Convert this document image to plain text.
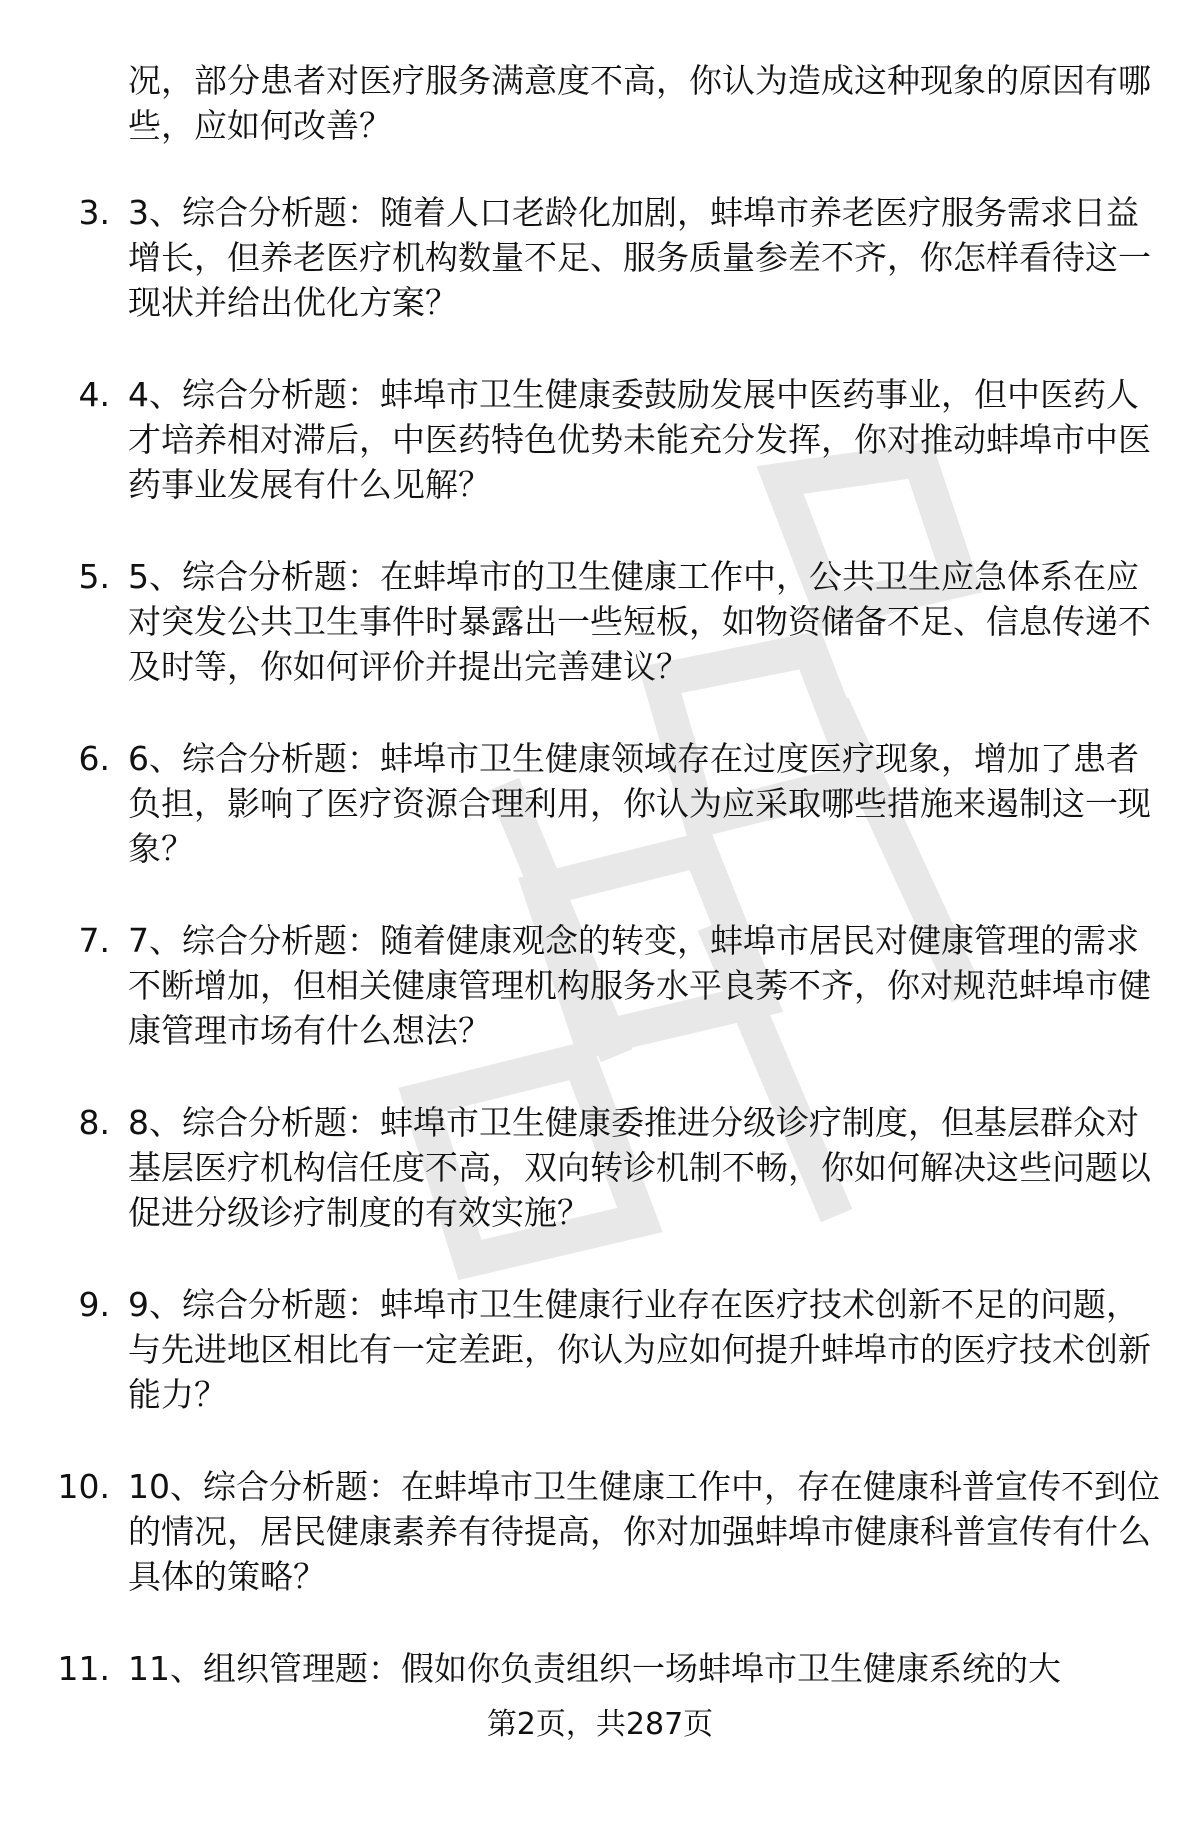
况，部分患者对医疗服务满意度不高，你认为造成这种现象的原因有哪些，应如何改善？
3. 3、综合分析题：随着人口老龄化加剧，蚌埠市养老医疗服务需求日益增长，但养老医疗机构数量不足、服务质量参差不齐，你怎样看待这一现状并给出优化方案？
4. 4、综合分析题：蚌埠市卫生健康委鼓励发展中医药事业，但中医药人才培养相对滞后，中医药特色优势未能充分发挥，你对推动蚌埠市中医药事业发展有什么见解？
5. 5、综合分析题：在蚌埠市的卫生健康工作中，公共卫生应急体系在应对突发公共卫生事件时暴露出一些短板，如物资储备不足、信息传递不及时等，你如何评价并提出完善建议？
6. 6、综合分析题：蚌埠市卫生健康领域存在过度医疗现象，增加了患者负担，影响了医疗资源合理利用，你认为应采取哪些措施来遏制这一现象？
7. 7、综合分析题：随着健康观念的转变，蚌埠市居民对健康管理的需求不断增加，但相关健康管理机构服务水平良莠不齐，你对规范蚌埠市健康管理市场有什么想法？
8. 8、综合分析题：蚌埠市卫生健康委推进分级诊疗制度，但基层群众对基层医疗机构信任度不高，双向转诊机制不畅，你如何解决这些问题以促进分级诊疗制度的有效实施？
9. 9、综合分析题：蚌埠市卫生健康行业存在医疗技术创新不足的问题，与先进地区相比有一定差距，你认为应如何提升蚌埠市的医疗技术创新能力？
10. 10、综合分析题：在蚌埠市卫生健康工作中，存在健康科普宣传不到位的情况，居民健康素养有待提高，你对加强蚌埠市健康科普宣传有什么具体的策略？
11. 11、组织管理题：假如你负责组织一场蚌埠市卫生健康系统的大
第2页，共287页
